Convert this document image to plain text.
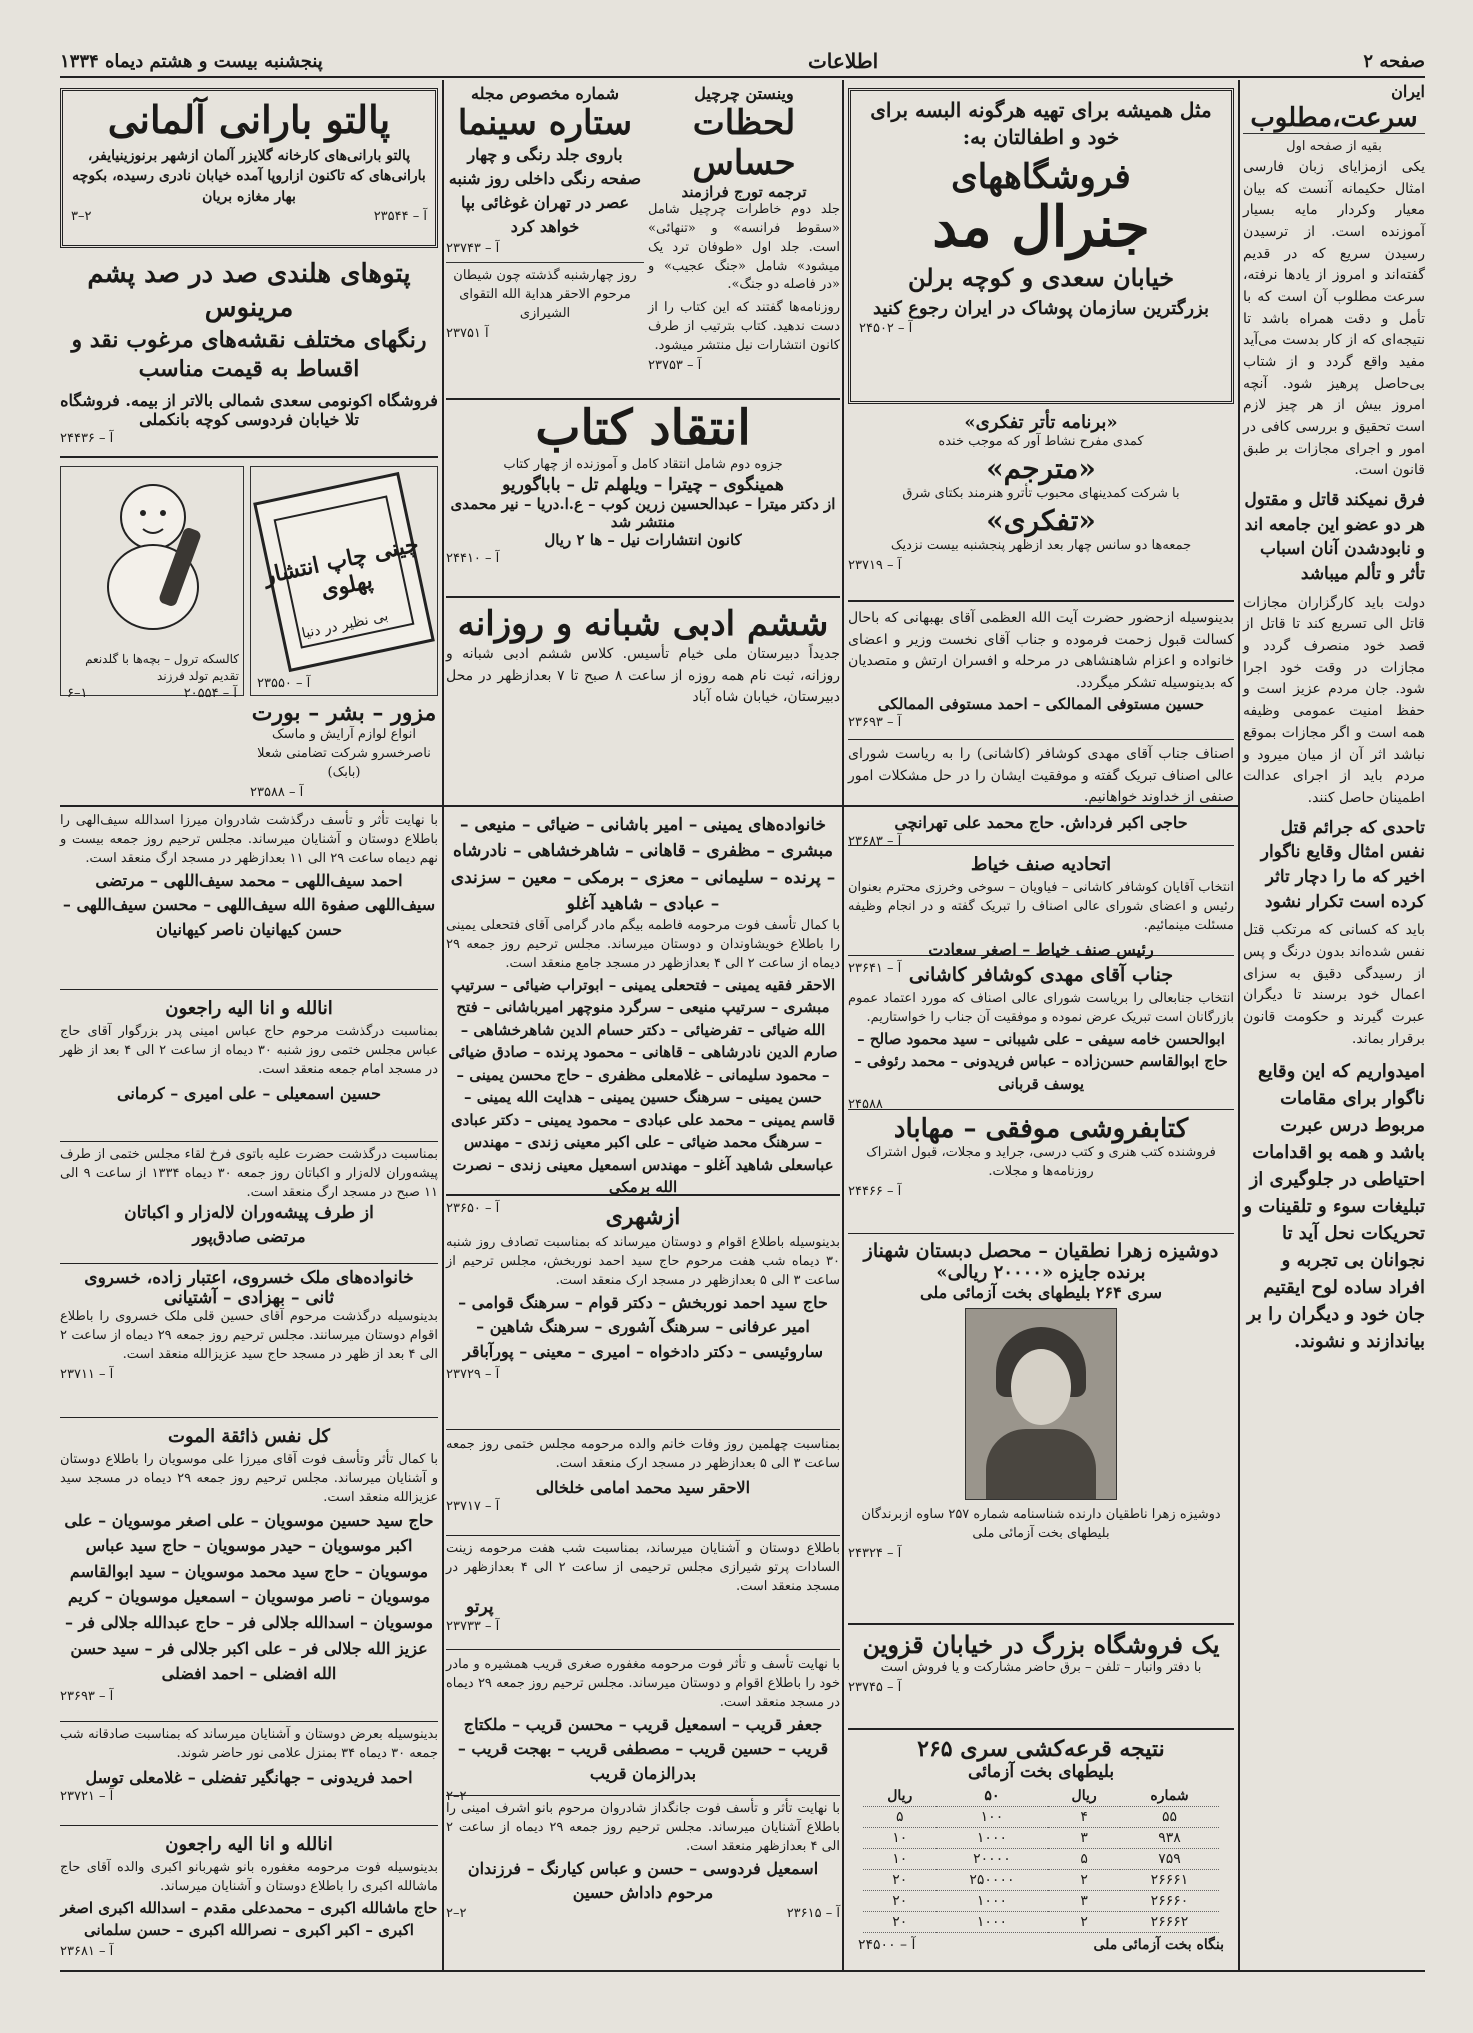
صفحه ۲
اطلاعات
پنجشنبه بیست و هشتم دیماه ۱۳۳۴
ایران
سرعت،مطلوب
بقیه از صفحه اول
یکی ازمزایای زبان فارسی امثال حکیمانه آنست که بیان معیار وکردار مایه بسیار آموزنده است. از ترسیدن رسیدن سریع که در قدیم گفته‌اند و امروز از یادها نرفته، سرعت مطلوب آن است که با تأمل و دقت همراه باشد تا نتیجه‌ای که از کار بدست می‌آید مفید واقع گردد و از شتاب بی‌حاصل پرهیز شود. آنچه امروز بیش از هر چیز لازم است تحقیق و بررسی کافی در امور و اجرای مجازات بر طبق قانون است.
فرق نمیکند قاتل و مقتول هر دو عضو این جامعه اند و نابودشدن آنان اسباب تأثر و تألم میباشد
دولت باید کارگزاران مجازات قاتل الی تسریع کند تا قاتل از قصد خود منصرف گردد و مجازات در وقت خود اجرا شود. جان مردم عزیز است و حفظ امنیت عمومی وظیفه همه است و اگر مجازات بموقع نباشد اثر آن از میان میرود و مردم باید از اجرای عدالت اطمینان حاصل کنند.
تاحدی که جرائم قتل نفس امثال وقایع ناگوار اخیر که ما را دچار تاثر کرده است تکرار نشود
باید که کسانی که مرتکب قتل نفس شده‌اند بدون درنگ و پس از رسیدگی دقیق به سزای اعمال خود برسند تا دیگران عبرت گیرند و حکومت قانون برقرار بماند.
امیدواریم که این وقایع ناگوار برای مقامات مربوط درس عبرت باشد و همه بو اقدامات احتیاطی در جلوگیری از تبلیغات سوء و تلقینات و تحریکات نحل آید تا نجوانان بی تجربه و افراد ساده لوح ایقتیم جان خود و دیگران را بر بیاندازند و نشوند.
مثل همیشه برای تهیه هرگونه البسه برای خود و اطفالتان به:
فروشگاههای
جنرال مد
خیابان سعدی و کوچه برلن
بزرگترین سازمان پوشاک در ایران رجوع کنید
آ – ۲۴۵۰۲
وینستن چرچیل
لحظات حساس
ترجمه تورج فرازمند
جلد دوم خاطرات چرچیل شامل «سقوط فرانسه» و «تنهائی» است. جلد اول «طوفان ترد یک میشود» شامل «جنگ عجیب» و «در فاصله دو جنگ».
روزنامه‌ها گفتند که این کتاب را از دست ندهید. کتاب بترتیب از طرف کانون انتشارات نیل منتشر میشود.
آ – ۲۳۷۵۳
شماره مخصوص مجله
ستاره سینما
باروی جلد رنگی و چهار صفحه رنگی داخلی روز شنبه عصر در تهران غوغائی بپا خواهد کرد
آ – ۲۳۷۴۳
روز چهارشنبه گذشته چون شیطان مرحوم الاحقر هدایة الله التقوای الشیرازی
آ ۲۳۷۵۱
پالتو بارانی آلمانی
پالتو بارانی‌های کارخانه گلایزر آلمان ازشهر برنوزینیایفر، بارانی‌های که تاکنون ازاروپا آمده خیابان نادری رسیده، بکوچه بهار مغازه بریان
آ – ۲۳۵۴۴
۲–۳
پتوهای هلندی صد در صد پشم مرینوس
رنگهای مختلف نقشه‌های مرغوب نقد و اقساط به قیمت مناسب
فروشگاه اکونومی سعدی شمالی بالاتر از بیمه. فروشگاه تلا خیابان فردوسی کوچه بانکملی
آ – ۲۴۴۳۶
چینی چاپ انتشار پهلوی
بی نظیر در دنیا
آ – ۲۳۵۵۰
کالسکه ترول – بچه‌ها با گلدنعم تقدیم تولد فرزند
آ – ۲۰۵۵۴
۱–۶
مزور – بشر – بورت
انواع لوازم آرایش و ماسک ناصرخسرو شرکت تضامنی شعلا (بابک)
آ – ۲۳۵۸۸
«برنامه تأتر تفکری»
کمدی مفرح نشاط آور که موجب خنده
«مترجم»
با شرکت کمدینهای محبوب تأترو هنرمند بکتای شرق
«تفکری»
جمعه‌ها دو سانس چهار بعد ازظهر پنجشنبه بیست نزدیک
آ – ۲۳۷۱۹
انتقاد کتاب
جزوه دوم شامل انتقاد کامل و آموزنده از چهار کتاب
همینگوی – چیترا – ویلهلم تل – باباگوریو
از دکتر میترا – عبدالحسین زرین کوب – ع.ا.دریا – نیر محمدی منتشر شد
کانون انتشارات نیل – ها ۲ ریال
آ – ۲۴۴۱۰
ششم ادبی شبانه و روزانه
جدیداً دبیرستان ملی خیام تأسیس. کلاس ششم ادبی شبانه و روزانه، ثبت نام همه روزه از ساعت ۸ صبح تا ۷ بعدازظهر در محل دبیرستان، خیابان شاه آباد
بدینوسیله ازحضور حضرت آیت الله العظمی آقای بهبهانی که باحال کسالت قبول زحمت فرموده و جناب آقای نخست وزیر و اعضای خانواده و اعزام شاهنشاهی در مرحله و افسران ارتش و متصدیان که بدینوسیله تشکر میگردد.
حسین مستوفی الممالکی – احمد مستوفی الممالکی
آ – ۲۳۶۹۳
اصناف جناب آقای مهدی کوشافر (کاشانی) را به ریاست شورای عالی اصناف تبریک گفته و موفقیت ایشان را در حل مشکلات امور صنفی از خداوند خواهانیم.
حاجی اکبر فرداش. حاج محمد علی تهرانچی
آ – ۲۳۶۸۳
اتحادیه صنف خیاط
انتخاب آقایان کوشافر کاشانی – فیاویان – سوخی وخرزی محترم بعنوان رئیس و اعضای شورای عالی اصناف را تبریک گفته و در انجام وظیفه مسئلت مینمائیم.
رئیس صنف خیاط – اصغر سعادت
آ – ۲۳۶۴۱ جناب آقای مهدی کوشافر کاشانی
انتخاب جنابعالی را بریاست شورای عالی اصناف که مورد اعتماد عموم بازرگانان است تبریک عرض نموده و موفقیت آن جناب را خواستاریم.
ابوالحسن خامه سیفی – علی شیبانی – سید محمود صالح – حاج ابوالقاسم حسن‌زاده – عباس فریدونی – محمد رئوفی – یوسف قربانی
۲۴۵۸۸
کتابفروشی موفقی – مهاباد
فروشنده کتب هنری و کتب درسی، جراید و مجلات، قبول اشتراک روزنامه‌ها و مجلات.
آ – ۲۴۴۶۶
دوشیزه زهرا نطقیان – محصل دبستان شهناز
برنده جایزه «۲۰۰۰۰ ریالی»
سری ۲۶۴ بلیطهای بخت آزمائی ملی
دوشیزه زهرا ناطقیان دارنده شناسنامه شماره ۲۵۷ ساوه ازبرندگان بلیطهای بخت آزمائی ملی
آ – ۲۴۳۲۴
یک فروشگاه بزرگ در خیابان قزوین
با دفتر وانبار – تلفن – برق حاضر مشارکت و یا فروش است
آ – ۲۳۷۴۵
نتیجه قرعه‌کشی سری ۲۶۵
بلیطهای بخت آزمائی
شماره	ریال	۵۰	ریال
۵۵	۴	۱۰۰	۵
۹۳۸	۳	۱۰۰۰	۱۰
۷۵۹	۵	۲۰۰۰۰	۱۰
۲۶۶۶۱	۲	۲۵۰۰۰۰	۲۰
۲۶۶۶۰	۳	۱۰۰۰	۲۰
۲۶۶۶۲	۲	۱۰۰۰	۲۰
بنگاه بخت آزمائی ملی
آ – ۲۴۵۰۰
خانواده‌های یمینی – امیر باشانی – ضیائی – منیعی – مبشری – مظفری – قاهانی – شاهرخشاهی – نادرشاه – پرنده – سلیمانی – معزی – برمکی – معین – سزندی – عبادی – شاهید آغلو
با کمال تأسف فوت مرحومه فاطمه بیگم مادر گرامی آقای فتحعلی یمینی را باطلاع خویشاوندان و دوستان میرساند. مجلس ترحیم روز جمعه ۲۹ دیماه از ساعت ۲ الی ۴ بعدازظهر در مسجد جامع منعقد است.
الاحقر فقیه یمینی – فتحعلی یمینی – ابوتراب ضیائی – سرتیپ مبشری – سرتیپ منیعی – سرگرد منوچهر امیرباشانی – فتح الله ضیائی – تفرضیائی – دکتر حسام الدین شاهرخشاهی – صارم الدین نادرشاهی – قاهانی – محمود پرنده – صادق ضیائی – محمود سلیمانی – غلامعلی مظفری – حاج محسن یمینی – حسن یمینی – سرهنگ حسین یمینی – هدایت الله یمینی – قاسم یمینی – محمد علی عبادی – محمود یمینی – دکتر عبادی – سرهنگ محمد ضیائی – علی اکبر معینی زندی – مهندس عباسعلی شاهید آغلو – مهندس اسمعیل معینی زندی – نصرت الله برمکی
آ – ۲۳۶۵۰	ازشهری
بدینوسیله باطلاع اقوام و دوستان میرساند که بمناسبت تصادف روز شنبه ۳۰ دیماه شب هفت مرحوم حاج سید احمد نوربخش، مجلس ترحیم از ساعت ۳ الی ۵ بعدازظهر در مسجد ارک منعقد است.
حاج سید احمد نوربخش – دکتر قوام – سرهنگ قوامی – امیر عرفانی – سرهنگ آشوری – سرهنگ شاهین – ساروئیسی – دکتر دادخواه – امیری – معینی – پورآباقر
آ – ۲۳۷۲۹
بمناسبت چهلمین روز وفات خانم والده مرحومه مجلس ختمی روز جمعه ساعت ۳ الی ۵ بعدازظهر در مسجد ارک منعقد است.
الاحقر سید محمد امامی خلخالی
آ – ۲۳۷۱۷
باطلاع دوستان و آشنایان میرساند، بمناسبت شب هفت مرحومه زینت السادات پرتو شیرازی مجلس ترحیمی از ساعت ۲ الی ۴ بعدازظهر در مسجد منعقد است.
پرتو
آ – ۲۳۷۳۳
با نهایت تأسف و تأثر فوت مرحومه مغفوره صغری قریب همشیره و مادر خود را باطلاع اقوام و دوستان میرساند. مجلس ترحیم روز جمعه ۲۹ دیماه در مسجد منعقد است.
جعفر قریب – اسمعیل قریب – محسن قریب – ملکتاج قریب – حسین قریب – مصطفی قریب – بهجت قریب – بدرالزمان قریب
۲–۲
با نهایت تأثر و تأسف فوت جانگداز شادروان مرحوم بانو اشرف امینی را باطلاع آشنایان میرساند. مجلس ترحیم روز جمعه ۲۹ دیماه از ساعت ۲ الی ۴ بعدازظهر منعقد است.
اسمعیل فردوسی – حسن و عباس کیارنگ – فرزندان مرحوم داداش حسین
آ – ۲۳۶۱۵
۲–۲
با نهایت تأثر و تأسف درگذشت شادروان میرزا اسدالله سیف‌الهی را باطلاع دوستان و آشنایان میرساند. مجلس ترحیم روز جمعه بیست و نهم دیماه ساعت ۲۹ الی ۱۱ بعدازظهر در مسجد ارگ منعقد است.
احمد سیف‌اللهی – محمد سیف‌اللهی – مرتضی سیف‌اللهی صفوة الله سیف‌اللهی – محسن سیف‌اللهی – حسن کیهانیان ناصر کیهانیان
انالله و انا الیه راجعون
بمناسبت درگذشت مرحوم حاج عباس امینی پدر بزرگوار آقای حاج عباس مجلس ختمی روز شنبه ۳۰ دیماه از ساعت ۲ الی ۴ بعد از ظهر در مسجد امام جمعه منعقد است.
حسین اسمعیلی – علی امیری – کرمانی
بمناسبت درگذشت حضرت علیه باتوی فرخ لقاء مجلس ختمی از طرف پیشه‌وران لاله‌زار و اکباتان روز جمعه ۳۰ دیماه ۱۳۳۴ از ساعت ۹ الی ۱۱ صبح در مسجد ارگ منعقد است.
از طرف پیشه‌وران لاله‌زار و اکباتان
مرتضی صادق‌پور
خانواده‌های ملک خسروی، اعتبار زاده، خسروی
ثانی – بهزادی – آشتیانی
بدینوسیله درگذشت مرحوم آقای حسین قلی ملک خسروی را باطلاع اقوام دوستان میرسانند. مجلس ترحیم روز جمعه ۲۹ دیماه از ساعت ۲ الی ۴ بعد از ظهر در مسجد حاج سید عزیزالله منعقد است.
آ – ۲۳۷۱۱
کل نفس ذائقة الموت
با کمال تأثر وتأسف فوت آقای میرزا علی موسویان را باطلاع دوستان و آشنایان میرساند. مجلس ترحیم روز جمعه ۲۹ دیماه در مسجد سید عزیزالله منعقد است.
حاج سید حسین موسویان – علی اصغر موسویان – علی اکبر موسویان – حیدر موسویان – حاج سید عباس موسویان – حاج سید محمد موسویان – سید ابوالقاسم موسویان – ناصر موسویان – اسمعیل موسویان – کریم موسویان – اسدالله جلالی فر – حاج عبدالله جلالی فر – عزیز الله جلالی فر – علی اکبر جلالی فر – سید حسن الله افضلی – احمد افضلی
آ – ۲۳۶۹۳
بدینوسیله بعرض دوستان و آشنایان میرساند که بمناسبت صادقانه شب جمعه ۳۰ دیماه ۳۴ بمنزل علامی نور حاضر شوند.
احمد فریدونی – جهانگیر تفضلی – غلامعلی توسل
آ – ۲۳۷۲۱
انالله و انا الیه راجعون
بدینوسیله فوت مرحومه مغفوره بانو شهربانو اکبری والده آقای حاج ماشالله اکبری را باطلاع دوستان و آشنایان میرساند.
حاج ماشالله اکبری – محمدعلی مقدم – اسدالله اکبری اصغر اکبری – اکبر اکبری – نصرالله اکبری – حسن سلمانی
آ – ۲۳۶۸۱
